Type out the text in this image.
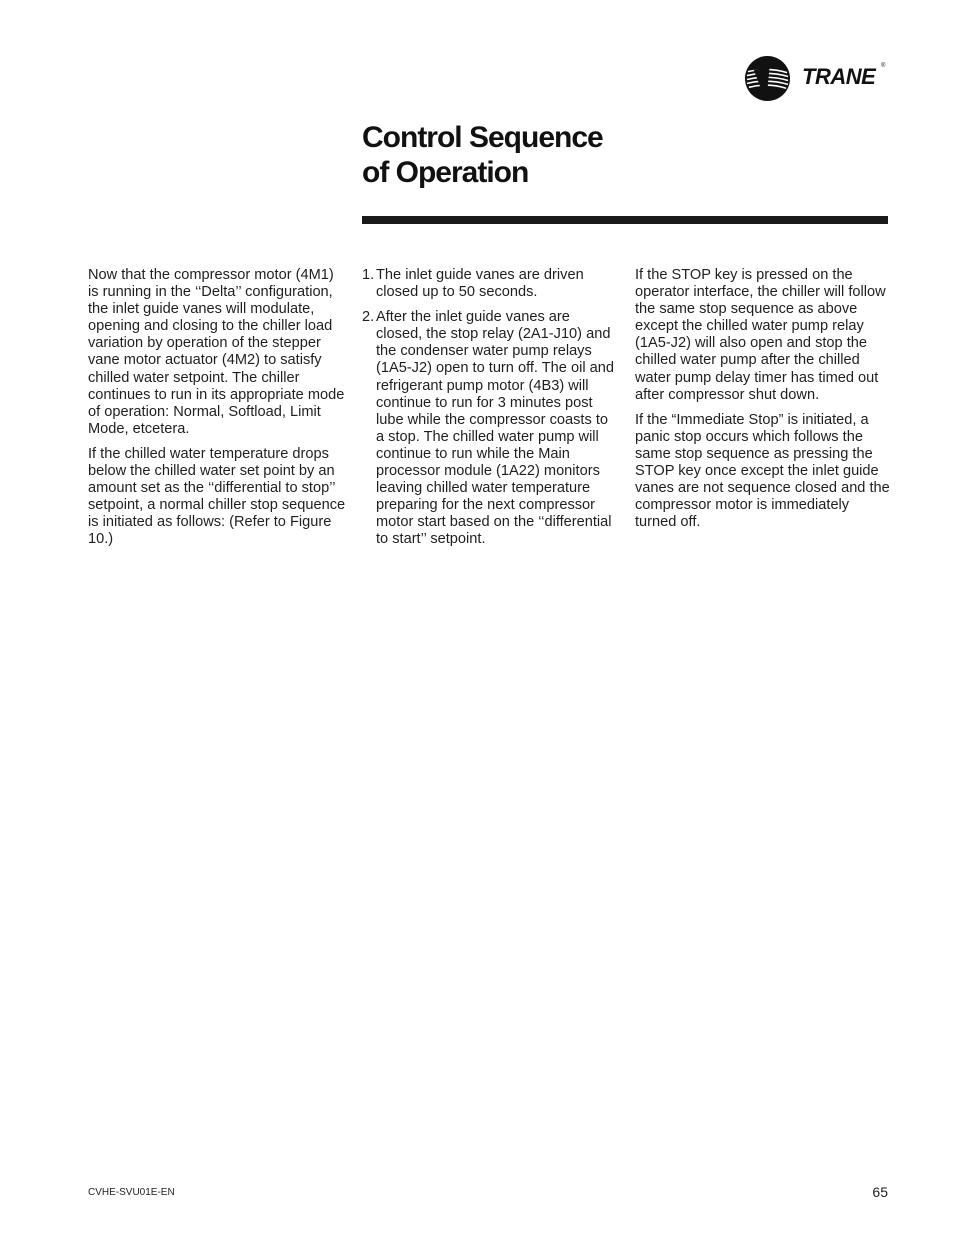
TRANE ®
Control Sequence
of Operation

Now that the compressor motor (4M1) is running in the ‘‘Delta’’ configuration, the inlet guide vanes will modulate, opening and closing to the chiller load variation by operation of the stepper vane motor actuator (4M2) to satisfy chilled water setpoint. The chiller continues to run in its appropriate mode of operation: Normal, Softload, Limit Mode, etcetera.

If the chilled water temperature drops below the chilled water set point by an amount set as the ‘‘differential to stop’’ setpoint, a normal chiller stop sequence is initiated as follows: (Refer to Figure 10.)

1. The inlet guide vanes are driven closed up to 50 seconds.
2. After the inlet guide vanes are closed, the stop relay (2A1-J10) and the condenser water pump relays (1A5-J2) open to turn off. The oil and refrigerant pump motor (4B3) will continue to run for 3 minutes post lube while the compressor coasts to a stop. The chilled water pump will continue to run while the Main processor module (1A22) monitors leaving chilled water temperature preparing for the next compressor motor start based on the ‘‘differential to start’’ setpoint.

If the STOP key is pressed on the operator interface, the chiller will follow the same stop sequence as above except the chilled water pump relay (1A5-J2) will also open and stop the chilled water pump after the chilled water pump delay timer has timed out after compressor shut down.

If the “Immediate Stop” is initiated, a panic stop occurs which follows the same stop sequence as pressing the STOP key once except the inlet guide vanes are not sequence closed and the compressor motor is immediately turned off.

CVHE-SVU01E-EN	65
